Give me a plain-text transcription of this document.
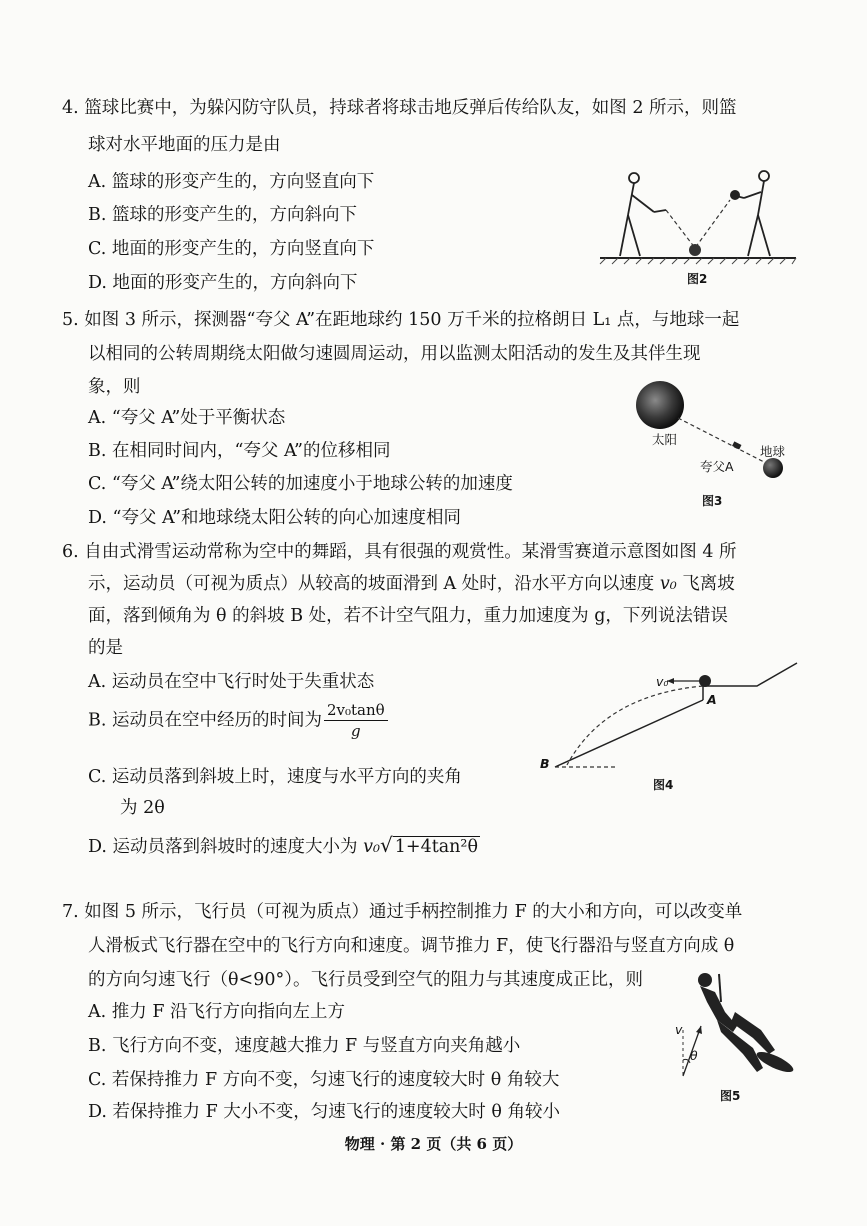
4. 篮球比赛中，为躲闪防守队员，持球者将球击地反弹后传给队友，如图 2 所示，则篮
球对水平地面的压力是由
A. 篮球的形变产生的，方向竖直向下
B. 篮球的形变产生的，方向斜向下
C. 地面的形变产生的，方向竖直向下
D. 地面的形变产生的，方向斜向下	图2
5. 如图 3 所示，探测器“夸父 A”在距地球约 150 万千米的拉格朗日 L₁ 点，与地球一起
以相同的公转周期绕太阳做匀速圆周运动，用以监测太阳活动的发生及其伴生现
象，则
A. “夸父 A”处于平衡状态
B. 在相同时间内，“夸父 A”的位移相同
C. “夸父 A”绕太阳公转的加速度小于地球公转的加速度
D. “夸父 A”和地球绕太阳公转的向心加速度相同
太阳
地球
夸父A
图3
6. 自由式滑雪运动常称为空中的舞蹈，具有很强的观赏性。某滑雪赛道示意图如图 4 所
示，运动员（可视为质点）从较高的坡面滑到 A 处时，沿水平方向以速度 v₀ 飞离坡
面，落到倾角为 θ 的斜坡 B 处，若不计空气阻力，重力加速度为 g，下列说法错误
的是
A. 运动员在空中飞行时处于失重状态
B. 运动员在空中经历的时间为 $\frac{\text{2v₀tanθ}}{g}$
C. 运动员落到斜坡上时，速度与水平方向的夹角
为 2θ
D. 运动员落到斜坡时的速度大小为 v₀√ 1+4tan²θ
v₀
A
B
图4
7. 如图 5 所示，飞行员（可视为质点）通过手柄控制推力 F 的大小和方向，可以改变单
人滑板式飞行器在空中的飞行方向和速度。调节推力 F，使飞行器沿与竖直方向成 θ
的方向匀速飞行（θ<90°）。飞行员受到空气的阻力与其速度成正比，则
A. 推力 F 沿飞行方向指向左上方
B. 飞行方向不变，速度越大推力 F 与竖直方向夹角越小
C. 若保持推力 F 方向不变，匀速飞行的速度较大时 θ 角较大
D. 若保持推力 F 大小不变，匀速飞行的速度较大时 θ 角较小
v
θ
图5
物理 · 第 2 页（共 6 页）
